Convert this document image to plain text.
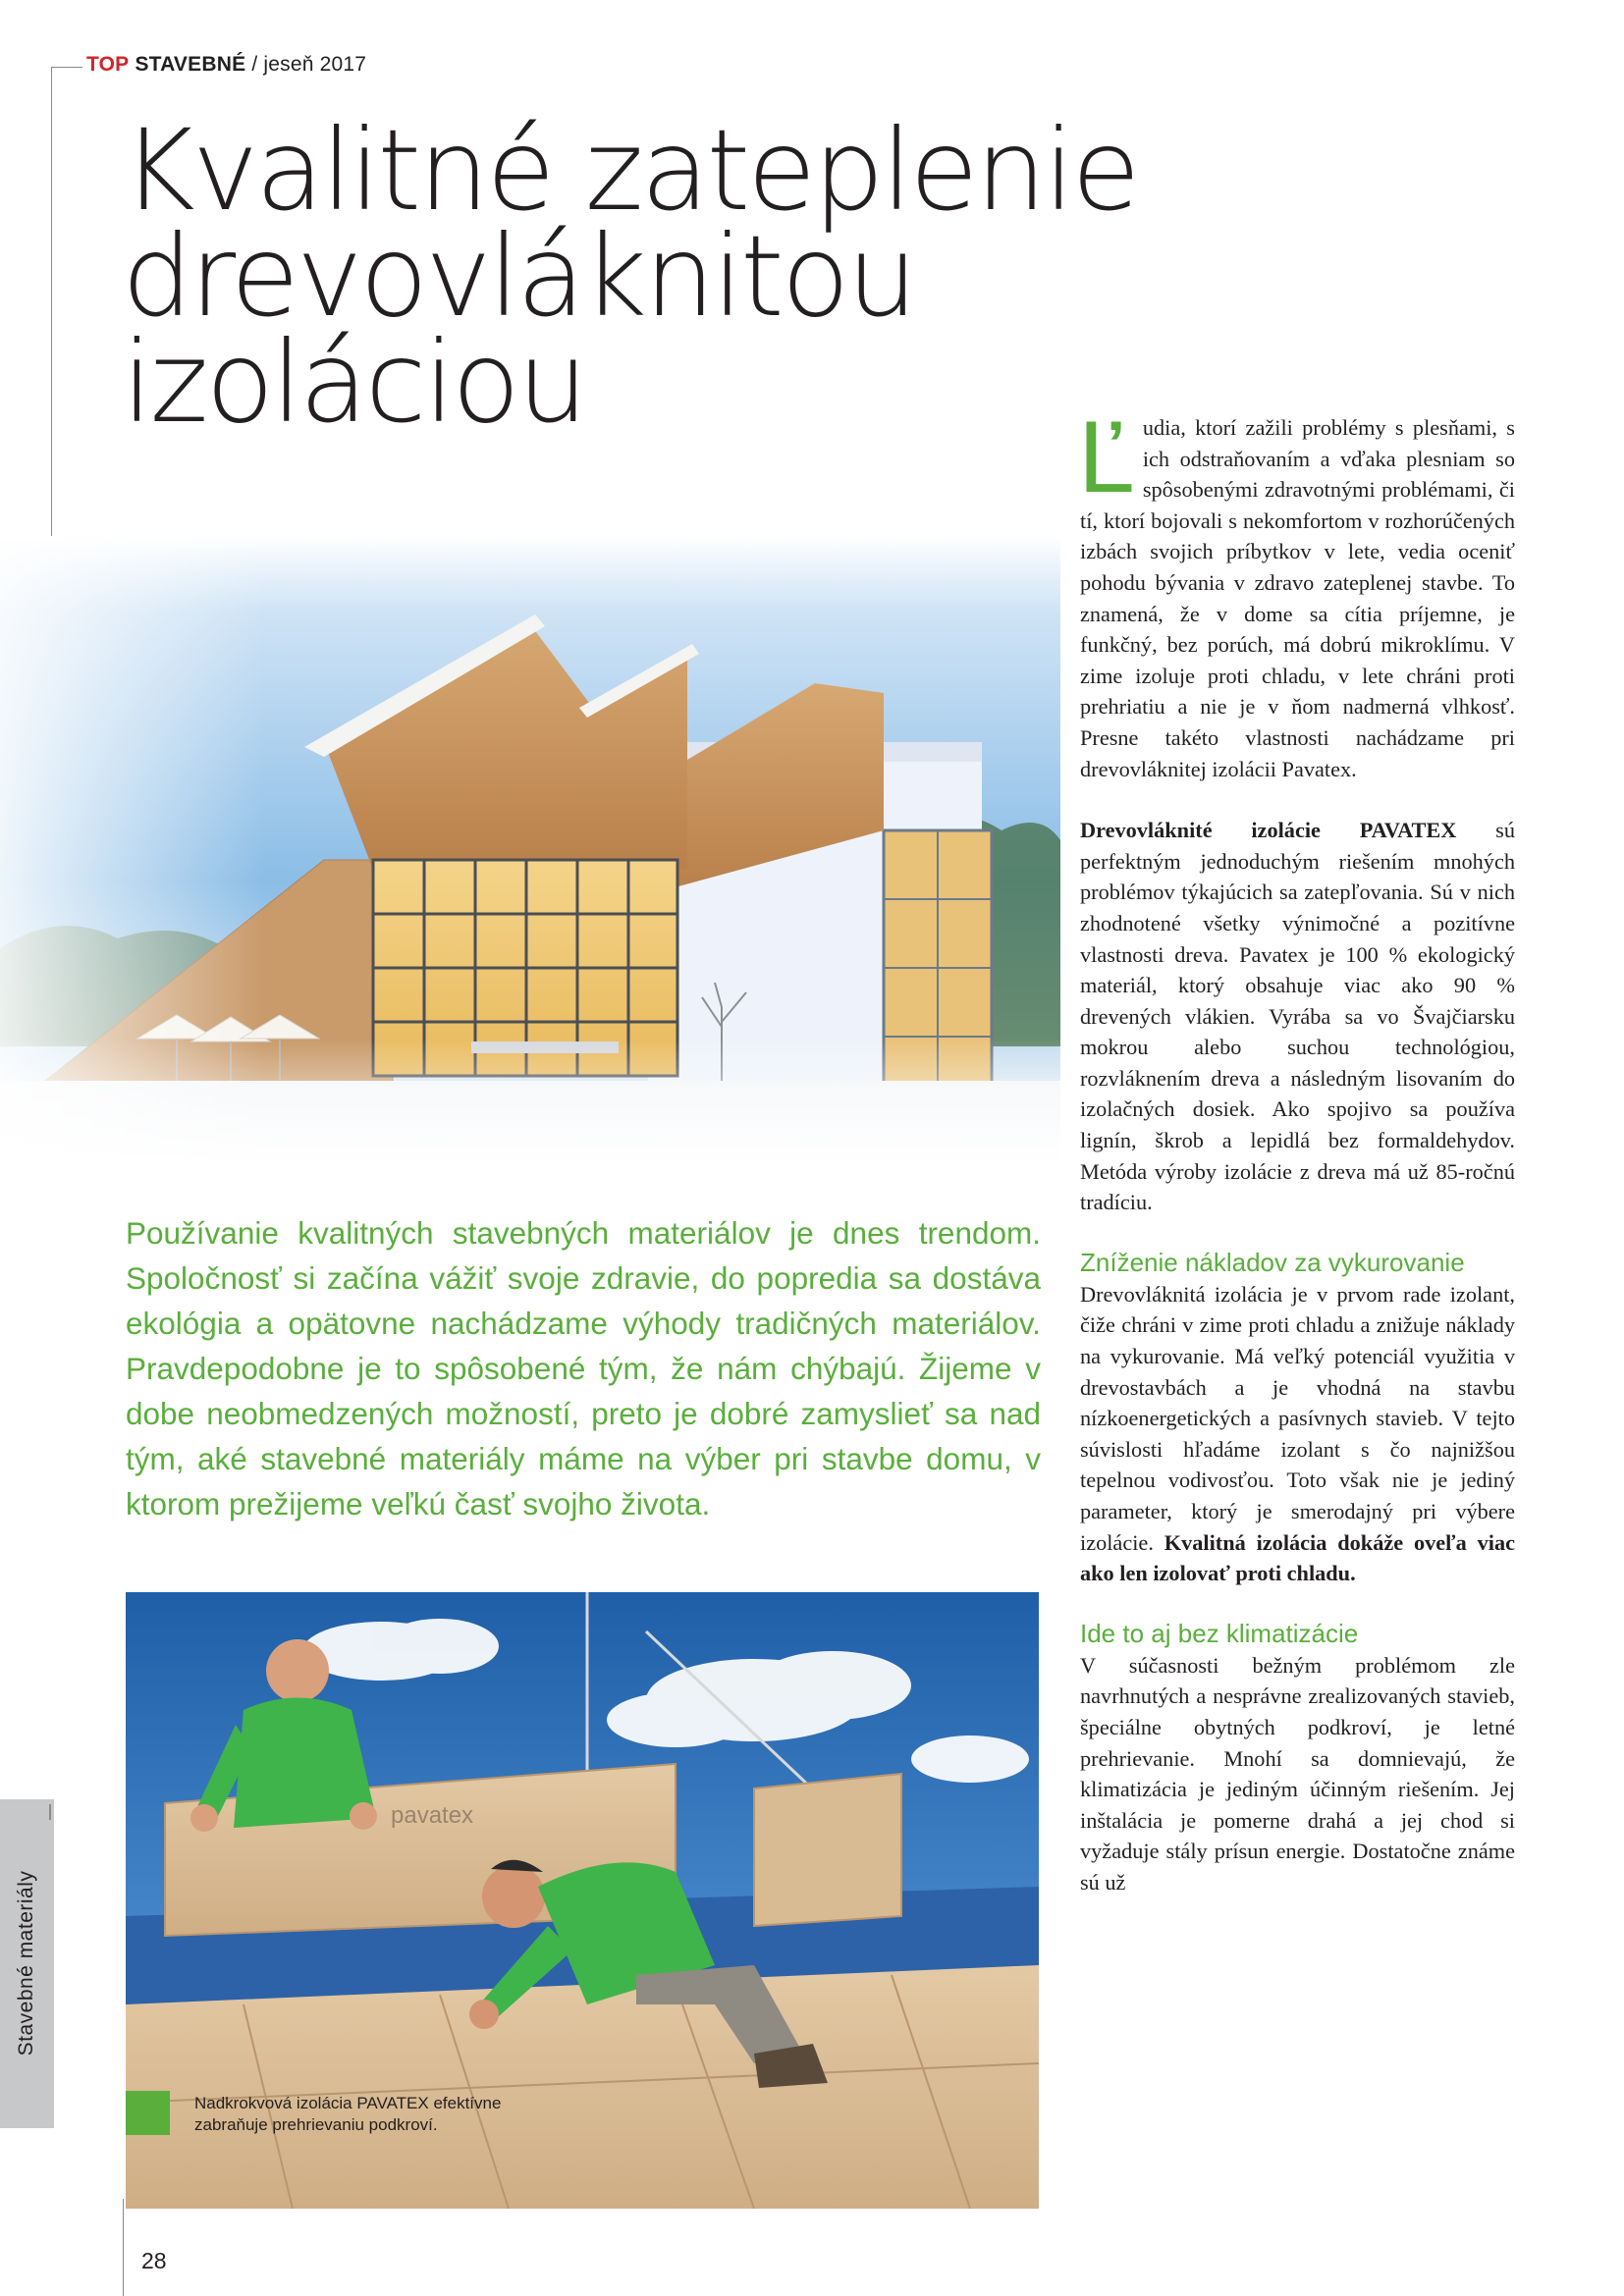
TOP STAVEBNÉ / jeseň 2017
Kvalitné zateplenie
drevovláknitou
izoláciou

Používanie kvalitných stavebných materiálov je dnes trendom. Spoločnosť si začína vážiť svoje zdravie, do popredia sa dostáva ekológia a opätovne nachádzame výhody tradičných materiálov. Pravdepodobne je to spôsobené tým, že nám chýbajú. Žijeme v dobe neobmedzených možností, preto je dobré zamyslieť sa nad tým, aké stavebné materiály máme na výber pri stavbe domu, v ktorom prežijeme veľkú časť svojho života.

Stavebné materiály
pavatex
Nadkrokvová izolácia PAVATEX efektívne zabraňuje prehrievaniu podkroví.
28

Ľudia, ktorí zažili problémy s plesňami, s ich odstraňovaním a vďaka plesniam so spôsobenými zdravotnými problémami, či tí, ktorí bojovali s nekomfortom v rozhorúčených izbách svojich príbytkov v lete, vedia oceniť pohodu bývania v zdravo zateplenej stavbe. To znamená, že v dome sa cítia príjemne, je funkčný, bez porúch, má dobrú mikroklímu. V zime izoluje proti chladu, v lete chráni proti prehriatiu a nie je v ňom nadmerná vlhkosť. Presne takéto vlastnosti nachádzame pri drevovláknitej izolácii Pavatex.

Drevovláknité izolácie PAVATEX sú perfektným jednoduchým riešením mnohých problémov týkajúcich sa zatepľovania. Sú v nich zhodnotené všetky výnimočné a pozitívne vlastnosti dreva. Pavatex je 100 % ekologický materiál, ktorý obsahuje viac ako 90 % drevených vlákien. Vyrába sa vo Švajčiarsku mokrou alebo suchou technológiou, rozvláknením dreva a následným lisovaním do izolačných dosiek. Ako spojivo sa používa lignín, škrob a lepidlá bez formaldehydov. Metóda výroby izolácie z dreva má už 85-ročnú tradíciu.

Zníženie nákladov za vykurovanie

Drevovláknitá izolácia je v prvom rade izolant, čiže chráni v zime proti chladu a znižuje náklady na vykurovanie. Má veľký potenciál využitia v drevostavbách a je vhodná na stavbu nízkoenergetických a pasívnych stavieb. V tejto súvislosti hľadáme izolant s čo najnižšou tepelnou vodivosťou. Toto však nie je jediný parameter, ktorý je smerodajný pri výbere izolácie. Kvalitná izolácia dokáže oveľa viac ako len izolovať proti chladu.

Ide to aj bez klimatizácie

V súčasnosti bežným problémom zle navrhnutých a nesprávne zrealizovaných stavieb, špeciálne obytných podkroví, je letné prehrievanie. Mnohí sa domnievajú, že klimatizácia je jediným účinným riešením. Jej inštalácia je pomerne drahá a jej chod si vyžaduje stály prísun energie. Dostatočne známe sú už
